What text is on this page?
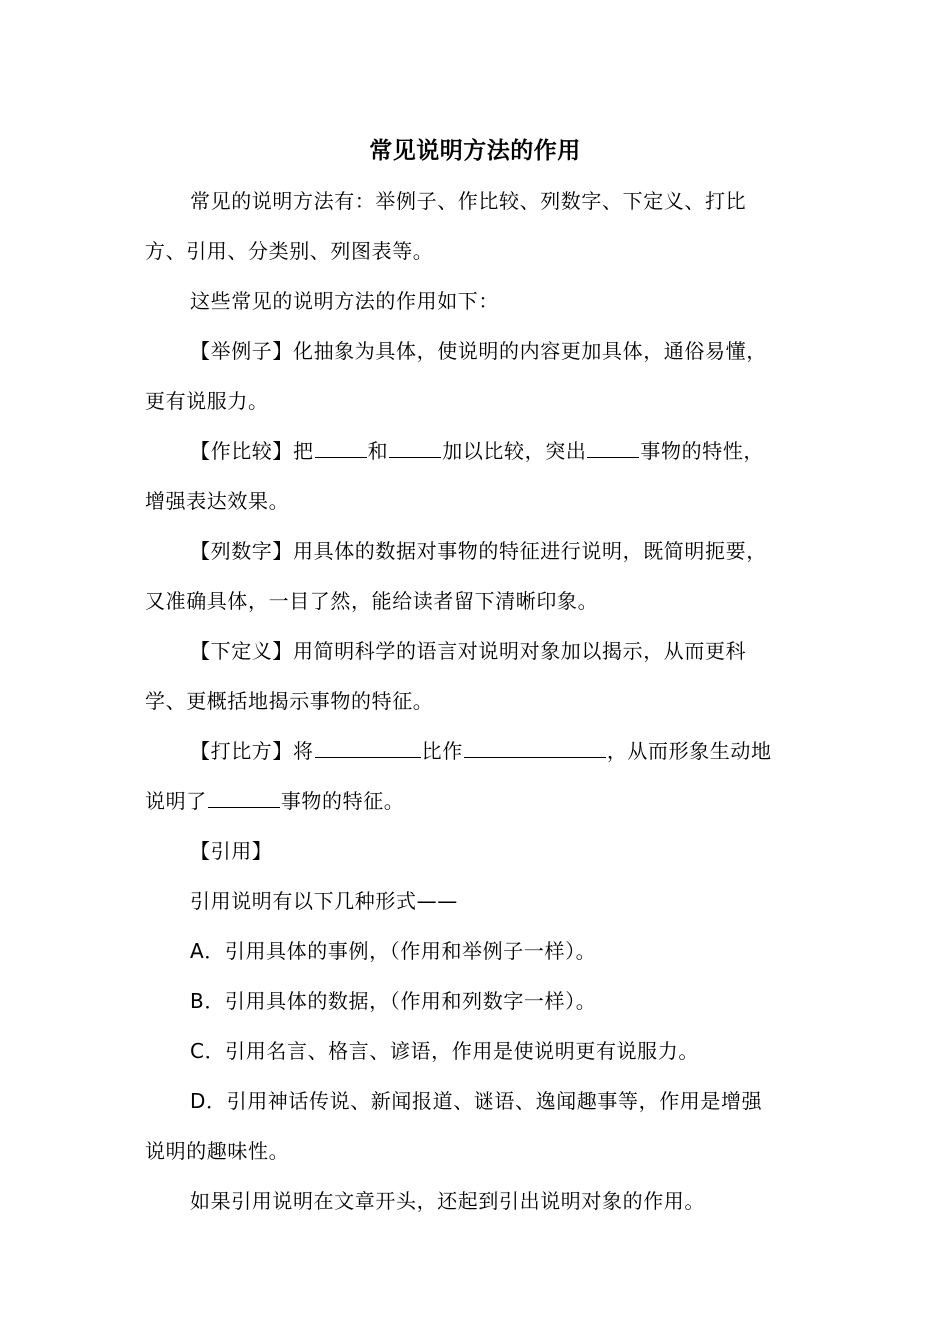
常见说明方法的作用
常见的说明方法有：举例子、作比较、列数字、下定义、打比
方、引用、分类别、列图表等。
这些常见的说明方法的作用如下：
【举例子】化抽象为具体，使说明的内容更加具体，通俗易懂，
更有说服力。
【作比较】把	和	加以比较，突出	事物的特性，
增强表达效果。
【列数字】用具体的数据对事物的特征进行说明，既简明扼要，
又准确具体，一目了然，能给读者留下清晰印象。
【下定义】用简明科学的语言对说明对象加以揭示，从而更科
学、更概括地揭示事物的特征。
【打比方】将	比作	，从而形象生动地
说明了	事物的特征。
【引用】
引用说明有以下几种形式——
A．引用具体的事例，（作用和举例子一样）。
B．引用具体的数据，（作用和列数字一样）。
C．引用名言、格言、谚语，作用是使说明更有说服力。
D．引用神话传说、新闻报道、谜语、逸闻趣事等，作用是增强
说明的趣味性。
如果引用说明在文章开头，还起到引出说明对象的作用。
